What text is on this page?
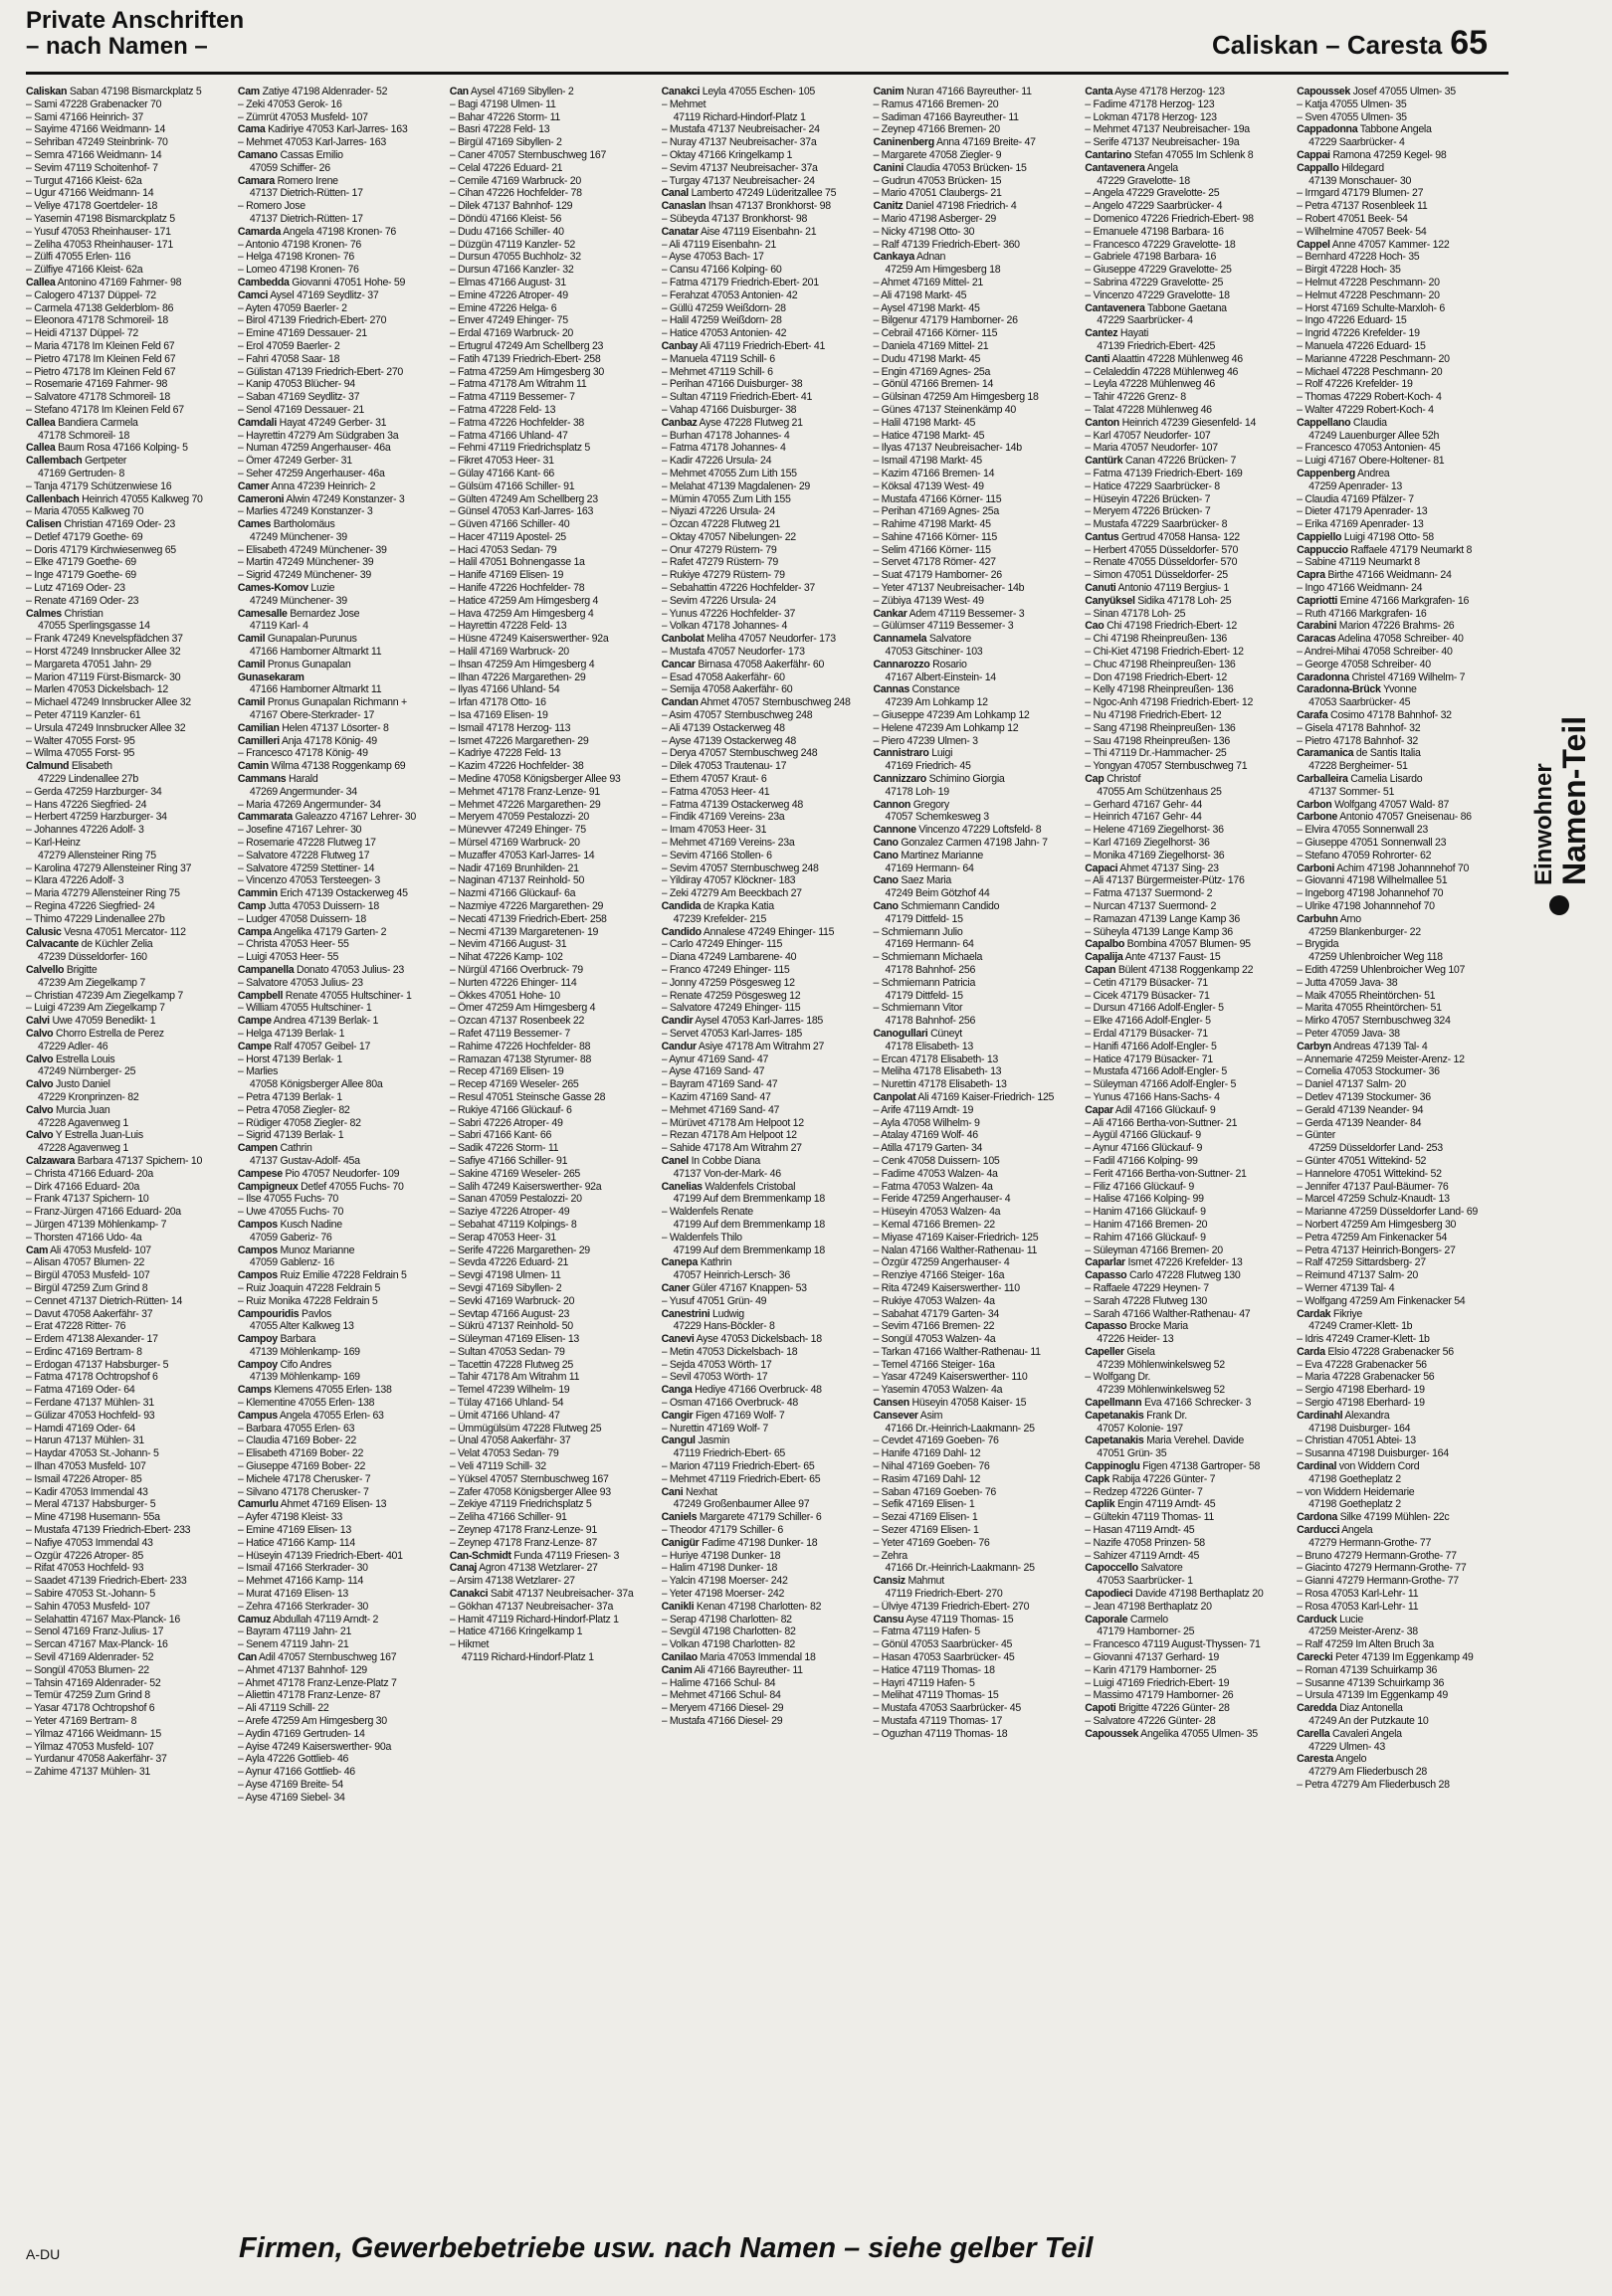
Private Anschriften
– nach Namen –	Caliskan – Caresta 65
Caliskan Saban 47198 Bismarckplatz 5
– Sami 47228 Grabenacker 70
– Sami 47166 Heinrich- 37
– Sayime 47166 Weidmann- 14
– Sehriban 47249 Steinbrink- 70
– Semra 47166 Weidmann- 14
– Sevim 47119 Schoitenhof- 7
– Turgut 47166 Kleist- 62a
– Ugur 47166 Weidmann- 14
– Veliye 47178 Goertdeler- 18
– Yasemin 47198 Bismarckplatz 5
– Yusuf 47053 Rheinhauser- 171
– Zeliha 47053 Rheinhauser- 171
– Zülfi 47055 Erlen- 116
– Zülfiye 47166 Kleist- 62a
Callea Antonino 47169 Fahrner- 98
– Calogero 47137 Düppel- 72
– Carmela 47138 Gelderblom- 86
– Eleonora 47178 Schmoreil- 18
– Heidi 47137 Düppel- 72
– Maria 47178 Im Kleinen Feld 67
– Pietro 47178 Im Kleinen Feld 67
– Pietro 47178 Im Kleinen Feld 67
– Rosemarie 47169 Fahrner- 98
– Salvatore 47178 Schmoreil- 18
– Stefano 47178 Im Kleinen Feld 67
Callea Bandiera Carmela
47178 Schmoreil- 18
Callea Baum Rosa 47166 Kolping- 5
Callembach Gertpeter
47169 Gertruden- 8
– Tanja 47179 Schützenwiese 16
Callenbach Heinrich 47055 Kalkweg 70
– Maria 47055 Kalkweg 70
Calisen Christian 47169 Oder- 23
– Detlef 47179 Goethe- 69
– Doris 47179 Kirchwiesenweg 65
– Elke 47179 Goethe- 69
– Inge 47179 Goethe- 69
– Lutz 47169 Oder- 23
– Renate 47169 Oder- 23
Calmes Christian
47055 Sperlingsgasse 14
– Frank 47249 Knevelspfädchen 37
– Horst 47249 Innsbrucker Allee 32
– Margareta 47051 Jahn- 29
– Marion 47119 Fürst-Bismarck- 30
– Marlen 47053 Dickelsbach- 12
– Michael 47249 Innsbrucker Allee 32
– Peter 47119 Kanzler- 61
– Ursula 47249 Innsbrucker Allee 32
– Walter 47055 Forst- 95
– Wilma 47055 Forst- 95
Calmund Elisabeth
47229 Lindenallee 27b
– Gerda 47259 Harzburger- 34
– Hans 47226 Siegfried- 24
– Herbert 47259 Harzburger- 34
– Johannes 47226 Adolf- 3
– Karl-Heinz
47279 Allensteiner Ring 75
– Karolina 47279 Allensteiner Ring 37
– Klara 47226 Adolf- 3
– Maria 47279 Allensteiner Ring 75
– Regina 47226 Siegfried- 24
– Thimo 47229 Lindenallee 27b
Calusic Vesna 47051 Mercator- 112
Calvacante de Küchler Zelia
47239 Düsseldorfer- 160
Calvello Brigitte
47239 Am Ziegelkamp 7
– Christian 47239 Am Ziegelkamp 7
– Luigi 47239 Am Ziegelkamp 7
Calvi Uwe 47059 Benedikt- 1
Calvo Chorro Estrella de Perez
47229 Adler- 46
Calvo Estrella Louis
47249 Nürnberger- 25
Calvo Justo Daniel
47229 Kronprinzen- 82
Calvo Murcia Juan
47228 Agavenweg 1
Calvo Y Estrella Juan-Luis
47228 Agavenweg 1
Calzawara Barbara 47137 Spichern- 10
– Christa 47166 Eduard- 20a
– Dirk 47166 Eduard- 20a
– Frank 47137 Spichern- 10
– Franz-Jürgen 47166 Eduard- 20a
– Jürgen 47139 Möhlenkamp- 7
– Thorsten 47166 Udo- 4a
Cam Ali 47053 Musfeld- 107
– Alisan 47057 Blumen- 22
– Birgül 47053 Musfeld- 107
– Birgül 47259 Zum Grind 8
– Cennet 47137 Dietrich-Rütten- 14
– Davut 47058 Aakerfähr- 37
– Erat 47228 Ritter- 76
– Erdem 47138 Alexander- 17
– Erdinc 47169 Bertram- 8
– Erdogan 47137 Habsburger- 5
– Fatma 47178 Ochtropshof 6
– Fatma 47169 Oder- 64
– Ferdane 47137 Mühlen- 31
– Gülizar 47053 Hochfeld- 93
– Hamdi 47169 Oder- 64
– Harun 47137 Mühlen- 31
– Haydar 47053 St.-Johann- 5
– Ilhan 47053 Musfeld- 107
– Ismail 47226 Atroper- 85
– Kadir 47053 Immendal 43
– Meral 47137 Habsburger- 5
– Mine 47198 Husemann- 55a
– Mustafa 47139 Friedrich-Ebert- 233
– Nafiye 47053 Immendal 43
– Ozgür 47226 Atroper- 85
– Rifat 47053 Hochfeld- 93
– Saadet 47139 Friedrich-Ebert- 233
– Sabire 47053 St.-Johann- 5
– Sahin 47053 Musfeld- 107
– Selahattin 47167 Max-Planck- 16
– Senol 47169 Franz-Julius- 17
– Sercan 47167 Max-Planck- 16
– Sevil 47169 Aldenrader- 52
– Songül 47053 Blumen- 22
– Tahsin 47169 Aldenrader- 52
– Temür 47259 Zum Grind 8
– Yasar 47178 Ochtropshof 6
– Yeter 47169 Bertram- 8
– Yilmaz 47166 Weidmann- 15
– Yilmaz 47053 Musfeld- 107
– Yurdanur 47058 Aakerfähr- 37
– Zahime 47137 Mühlen- 31
Cam Zatiye 47198 Aldenrader- 52
– Zeki 47053 Gerok- 16
– Zümrüt 47053 Musfeld- 107
Cama Kadiriye 47053 Karl-Jarres- 163
– Mehmet 47053 Karl-Jarres- 163
Camano Cassas Emilio
47059 Schiffer- 26
Camara Romero Irene
47137 Dietrich-Rütten- 17
– Romero Jose
47137 Dietrich-Rütten- 17
Camarda Angela 47198 Kronen- 76
– Antonio 47198 Kronen- 76
– Helga 47198 Kronen- 76
– Lomeo 47198 Kronen- 76
Cambedda Giovanni 47051 Hohe- 59
Camci Aysel 47169 Seydlitz- 37
– Ayten 47059 Baerler- 2
– Birol 47139 Friedrich-Ebert- 270
– Emine 47169 Dessauer- 21
– Erol 47059 Baerler- 2
– Fahri 47058 Saar- 18
– Gülistan 47139 Friedrich-Ebert- 270
– Kanip 47053 Blücher- 94
– Saban 47169 Seydlitz- 37
– Senol 47169 Dessauer- 21
Camdali Hayat 47249 Gerber- 31
– Hayrettin 47279 Am Südgraben 3a
– Numan 47259 Angerhauser- 46a
– Ömer 47249 Gerber- 31
– Seher 47259 Angerhauser- 46a
Camer Anna 47239 Heinrich- 2
Cameroni Alwin 47249 Konstanzer- 3
– Marlies 47249 Konstanzer- 3
Cames Bartholomäus
47249 Münchener- 39
– Elisabeth 47249 Münchener- 39
– Martin 47249 Münchener- 39
– Sigrid 47249 Münchener- 39
Cames-Komov Luzie
47249 Münchener- 39
Camesalle Bernardez Jose
47119 Karl- 4
Camil Gunapalan-Purunus
47166 Hamborner Altmarkt 11
Camil Pronus Gunapalan
Gunasekaram
47166 Hamborner Altmarkt 11
Camil Pronus Gunapalan Richmann +
47167 Obere-Sterkrader- 17
Camilian Helen 47137 Lösorter- 8
Camilleri Anja 47178 König- 49
– Francesco 47178 König- 49
Camin Wilma 47138 Roggenkamp 69
Cammans Harald
47269 Angermunder- 34
– Maria 47269 Angermunder- 34
Cammarata Galeazzo 47167 Lehrer- 30
– Josefine 47167 Lehrer- 30
– Rosemarie 47228 Flutweg 17
– Salvatore 47228 Flutweg 17
– Salvatore 47259 Stettiner- 14
– Vincenzo 47053 Tersteegen- 3
Cammin Erich 47139 Ostackerweg 45
Camp Jutta 47053 Duissern- 18
– Ludger 47058 Duissern- 18
Campa Angelika 47179 Garten- 2
– Christa 47053 Heer- 55
– Luigi 47053 Heer- 55
Campanella Donato 47053 Julius- 23
– Salvatore 47053 Julius- 23
Campbell Renate 47055 Hultschiner- 1
– William 47055 Hultschiner- 1
Campe Andrea 47139 Berlak- 1
– Helga 47139 Berlak- 1
Campe Ralf 47057 Geibel- 17
– Horst 47139 Berlak- 1
– Marlies
47058 Königsberger Allee 80a
– Petra 47139 Berlak- 1
– Petra 47058 Ziegler- 82
– Rüdiger 47058 Ziegler- 82
– Sigrid 47139 Berlak- 1
Campen Cathrin
47137 Gustav-Adolf- 45a
Campese Pio 47057 Neudorfer- 109
Campigneux Detlef 47055 Fuchs- 70
– Ilse 47055 Fuchs- 70
– Uwe 47055 Fuchs- 70
Campos Kusch Nadine
47059 Gaberiz- 76
Campos Munoz Marianne
47059 Gablenz- 16
Campos Ruiz Emilie 47228 Feldrain 5
– Ruiz Joaquin 47228 Feldrain 5
– Ruiz Monika 47228 Feldrain 5
Campouridis Pavlos
47055 Alter Kalkweg 13
Campoy Barbara
47139 Möhlenkamp- 169
Campoy Cifo Andres
47139 Möhlenkamp- 169
Camps Klemens 47055 Erlen- 138
– Klementine 47055 Erlen- 138
Campus Angela 47055 Erlen- 63
– Barbara 47055 Erlen- 63
– Claudia 47169 Bober- 22
– Elisabeth 47169 Bober- 22
– Giuseppe 47169 Bober- 22
– Michele 47178 Cherusker- 7
– Silvano 47178 Cherusker- 7
Camurlu Ahmet 47169 Elisen- 13
– Ayfer 47198 Kleist- 33
– Emine 47169 Elisen- 13
– Hatice 47166 Kamp- 114
– Hüseyin 47139 Friedrich-Ebert- 401
– Ismail 47166 Sterkrader- 30
– Mehmet 47166 Kamp- 114
– Murat 47169 Elisen- 13
– Zehra 47166 Sterkrader- 30
Camuz Abdullah 47119 Arndt- 2
– Bayram 47119 Jahn- 21
– Senem 47119 Jahn- 21
Can Adil 47057 Sternbuschweg 167
– Ahmet 47137 Bahnhof- 129
– Ahmet 47178 Franz-Lenze-Platz 7
– Aliettin 47178 Franz-Lenze- 87
– Ali 47119 Schill- 22
– Arefe 47259 Am Himgesberg 30
– Aydin 47169 Gertruden- 14
– Ayise 47249 Kaiserswerther- 90a
– Ayla 47226 Gottlieb- 46
– Aynur 47166 Gottlieb- 46
– Ayse 47169 Breite- 54
– Ayse 47169 Siebel- 34
Can Aysel 47169 Sibyllen- 2
– Bagi 47198 Ulmen- 11
– Bahar 47226 Storm- 11
– Basri 47228 Feld- 13
– Birgül 47169 Sibyllen- 2
– Caner 47057 Sternbuschweg 167
– Celal 47226 Eduard- 21
– Cemile 47169 Warbruck- 20
– Cihan 47226 Hochfelder- 78
– Dilek 47137 Bahnhof- 129
– Döndü 47166 Kleist- 56
– Dudu 47166 Schiller- 40
– Düzgün 47119 Kanzler- 52
– Dursun 47055 Buchholz- 32
– Dursun 47166 Kanzler- 32
– Elmas 47166 August- 31
– Emine 47226 Atroper- 49
– Emine 47226 Helga- 6
– Enver 47249 Ehinger- 75
– Erdal 47169 Warbruck- 20
– Ertugrul 47249 Am Schellberg 23
– Fatih 47139 Friedrich-Ebert- 258
– Fatma 47259 Am Himgesberg 30
– Fatma 47178 Am Witrahm 11
– Fatma 47119 Bessemer- 7
– Fatma 47228 Feld- 13
– Fatma 47226 Hochfelder- 38
– Fatma 47166 Uhland- 47
– Fehmi 47119 Friedrichsplatz 5
– Fikret 47053 Heer- 31
– Gülay 47166 Kant- 66
– Gülsüm 47166 Schiller- 91
– Gülten 47249 Am Schellberg 23
– Günsel 47053 Karl-Jarres- 163
– Güven 47166 Schiller- 40
– Hacer 47119 Apostel- 25
– Haci 47053 Sedan- 79
– Halil 47051 Bohnengasse 1a
– Hanife 47169 Elisen- 19
– Hanife 47226 Hochfelder- 78
– Hatice 47259 Am Himgesberg 4
– Hava 47259 Am Himgesberg 4
– Hayrettin 47228 Feld- 13
– Hüsne 47249 Kaiserswerther- 92a
– Halil 47169 Warbruck- 20
– Ihsan 47259 Am Himgesberg 4
– Ilhan 47226 Margarethen- 29
– Ilyas 47166 Uhland- 54
– Irfan 47178 Otto- 16
– Isa 47169 Elisen- 19
– Ismail 47178 Herzog- 113
– Ismet 47226 Margarethen- 29
– Kadriye 47228 Feld- 13
– Kazim 47226 Hochfelder- 38
– Medine 47058 Königsberger Allee 93
– Mehmet 47178 Franz-Lenze- 91
– Mehmet 47226 Margarethen- 29
– Meryem 47059 Pestalozzi- 20
– Münevver 47249 Ehinger- 75
– Mürsel 47169 Warbruck- 20
– Muzaffer 47053 Karl-Jarres- 14
– Nadir 47169 Brunhilden- 21
– Naginan 47137 Reinhold- 50
– Nazmi 47166 Glückauf- 6a
– Nazmiye 47226 Margarethen- 29
– Necati 47139 Friedrich-Ebert- 258
– Necmi 47139 Margaretenen- 19
– Nevim 47166 August- 31
– Nihat 47226 Kamp- 102
– Nürgül 47166 Overbruck- 79
– Nurten 47226 Ehinger- 114
– Ökkes 47051 Hohe- 10
– Ömer 47259 Am Himgesberg 4
– Ozcan 47137 Rosenbeek 22
– Rafet 47119 Bessemer- 7
– Rahime 47226 Hochfelder- 88
– Ramazan 47138 Styrumer- 88
– Recep 47169 Elisen- 19
– Recep 47169 Weseler- 265
– Resul 47051 Steinsche Gasse 28
– Rukiye 47166 Glückauf- 6
– Sabri 47226 Atroper- 49
– Sabri 47166 Kant- 66
– Sadik 47226 Storm- 11
– Safiye 47166 Schiller- 91
– Sakine 47169 Weseler- 265
– Salih 47249 Kaiserswerther- 92a
– Sanan 47059 Pestalozzi- 20
– Saziye 47226 Atroper- 49
– Sebahat 47119 Kolpings- 8
– Serap 47053 Heer- 31
– Serife 47226 Margarethen- 29
– Sevda 47226 Eduard- 21
– Sevgi 47198 Ulmen- 11
– Sevgi 47169 Sibyllen- 2
– Sevki 47169 Warbruck- 20
– Sevtap 47166 August- 23
– Sükrü 47137 Reinhold- 50
– Süleyman 47169 Elisen- 13
– Sultan 47053 Sedan- 79
– Tacettin 47228 Flutweg 25
– Tahir 47178 Am Witrahm 11
– Temel 47239 Wilhelm- 19
– Tülay 47166 Uhland- 54
– Ümit 47166 Uhland- 47
– Ümmügülsüm 47228 Flutweg 25
– Ünal 47058 Aakerfähr- 37
– Velat 47053 Sedan- 79
– Veli 47119 Schill- 32
– Yüksel 47057 Sternbuschweg 167
– Zafer 47058 Königsberger Allee 93
– Zekiye 47119 Friedrichsplatz 5
– Zeliha 47166 Schiller- 91
– Zeynep 47178 Franz-Lenze- 91
– Zeynep 47178 Franz-Lenze- 87
Can-Schmidt Funda 47119 Friesen- 3
Canaj Agron 47138 Wetzlarer- 27
– Arsim 47138 Wetzlarer- 27
Canakci Sabit 47137 Neubreisacher- 37a
– Gökhan 47137 Neubreisacher- 37a
– Hamit 47119 Richard-Hindorf-Platz 1
– Hatice 47166 Kringelkamp 1
– Hikmet
47119 Richard-Hindorf-Platz 1
Canakci Leyla 47055 Eschen- 105
– Mehmet
47119 Richard-Hindorf-Platz 1
– Mustafa 47137 Neubreisacher- 24
– Nuray 47137 Neubreisacher- 37a
– Oktay 47166 Kringelkamp 1
– Sevim 47137 Neubreisacher- 37a
– Turgay 47137 Neubreisacher- 24
Canal Lamberto 47249 Lüderitzallee 75
Canaslan Ihsan 47137 Bronkhorst- 98
– Sübeyda 47137 Bronkhorst- 98
Canatar Aise 47119 Eisenbahn- 21
– Ali 47119 Eisenbahn- 21
– Ayse 47053 Bach- 17
– Cansu 47166 Kolping- 60
– Fatma 47179 Friedrich-Ebert- 201
– Ferahzat 47053 Antonien- 42
– Güllü 47259 Weißdorn- 28
– Halil 47259 Weißdorn- 28
– Hatice 47053 Antonien- 42
Canbay Ali 47119 Friedrich-Ebert- 41
– Manuela 47119 Schill- 6
– Mehmet 47119 Schill- 6
– Perihan 47166 Duisburger- 38
– Sultan 47119 Friedrich-Ebert- 41
– Vahap 47166 Duisburger- 38
Canbaz Ayse 47228 Flutweg 21
– Burhan 47178 Johannes- 4
– Fatma 47178 Johannes- 4
– Kadir 47226 Ursula- 24
– Mehmet 47055 Zum Lith 155
– Melahat 47139 Magdalenen- 29
– Mümin 47055 Zum Lith 155
– Niyazi 47226 Ursula- 24
– Özcan 47228 Flutweg 21
– Oktay 47057 Nibelungen- 22
– Onur 47279 Rüstern- 79
– Rafet 47279 Rüstern- 79
– Rukiye 47279 Rüstern- 79
– Sebahattin 47226 Hochfelder- 37
– Sevim 47226 Ursula- 24
– Yunus 47226 Hochfelder- 37
– Volkan 47178 Johannes- 4
Canbolat Meliha 47057 Neudorfer- 173
– Mustafa 47057 Neudorfer- 173
Cancar Birnasa 47058 Aakerfähr- 60
– Esad 47058 Aakerfähr- 60
– Semija 47058 Aakerfähr- 60
Candan Ahmet 47057 Sternbuschweg 248
– Asim 47057 Sternbuschweg 248
– Ali 47139 Ostackerweg 48
– Ayse 47139 Ostackerweg 48
– Derya 47057 Sternbuschweg 248
– Dilek 47053 Trautenau- 17
– Ethem 47057 Kraut- 6
– Fatma 47053 Heer- 41
– Fatma 47139 Ostackerweg 48
– Findik 47169 Vereins- 23a
– Imam 47053 Heer- 31
– Mehmet 47169 Vereins- 23a
– Sevim 47166 Stollen- 6
– Sevim 47057 Sternbuschweg 248
– Yildiray 47057 Klöckner- 183
– Zeki 47279 Am Beeckbach 27
Candida de Krapka Katia
47239 Krefelder- 215
Candido Annalese 47249 Ehinger- 115
– Carlo 47249 Ehinger- 115
– Diana 47249 Lambarene- 40
– Franco 47249 Ehinger- 115
– Jonny 47259 Pösgesweg 12
– Renate 47259 Pösgesweg 12
– Salvatore 47249 Ehinger- 115
Candir Aysel 47053 Karl-Jarres- 185
– Servet 47053 Karl-Jarres- 185
Candur Asiye 47178 Am Witrahm 27
– Aynur 47169 Sand- 47
– Ayse 47169 Sand- 47
– Bayram 47169 Sand- 47
– Kazim 47169 Sand- 47
– Mehmet 47169 Sand- 47
– Mürüvet 47178 Am Helpoot 12
– Rezan 47178 Am Helpoot 12
– Sahide 47178 Am Witrahm 27
Canel In Cobbe Diana
47137 Von-der-Mark- 46
Canelias Waldenfels Cristobal
47199 Auf dem Bremmenkamp 18
– Waldenfels Renate
47199 Auf dem Bremmenkamp 18
– Waldenfels Thilo
47199 Auf dem Bremmenkamp 18
Canepa Kathrin
47057 Heinrich-Lersch- 36
Caner Güler 47167 Knappen- 53
– Yusuf 47051 Grün- 49
Canestrini Ludwig
47229 Hans-Böckler- 8
Canevi Ayse 47053 Dickelsbach- 18
– Metin 47053 Dickelsbach- 18
– Sejda 47053 Wörth- 17
– Sevil 47053 Wörth- 17
Canga Hediye 47166 Overbruck- 48
– Osman 47166 Overbruck- 48
Cangir Figen 47169 Wolf- 7
– Nurettin 47169 Wolf- 7
Cangul Jasmin
47119 Friedrich-Ebert- 65
– Marion 47119 Friedrich-Ebert- 65
– Mehmet 47119 Friedrich-Ebert- 65
Cani Nexhat
47249 Großenbaumer Allee 97
Caniels Margarete 47179 Schiller- 6
– Theodor 47179 Schiller- 6
Canigür Fadime 47198 Dunker- 18
– Huriye 47198 Dunker- 18
– Halim 47198 Dunker- 18
– Yalcin 47198 Moerser- 242
– Yeter 47198 Moerser- 242
Canikli Kenan 47198 Charlotten- 82
– Serap 47198 Charlotten- 82
– Sevgül 47198 Charlotten- 82
– Volkan 47198 Charlotten- 82
Canilao Maria 47053 Immendal 18
Canim Ali 47166 Bayreuther- 11
– Halime 47166 Schul- 84
– Mehmet 47166 Schul- 84
– Meryem 47166 Diesel- 29
– Mustafa 47166 Diesel- 29
Canim Nuran 47166 Bayreuther- 11
– Ramus 47166 Bremen- 20
– Sadiman 47166 Bayreuther- 11
– Zeynep 47166 Bremen- 20
Caninenberg Anna 47169 Breite- 47
– Margarete 47058 Ziegler- 9
Canini Claudia 47053 Brücken- 15
– Gudrun 47053 Brücken- 15
– Mario 47051 Claubergs- 21
Canitz Daniel 47198 Friedrich- 4
– Mario 47198 Asberger- 29
– Nicky 47198 Otto- 30
– Ralf 47139 Friedrich-Ebert- 360
Cankaya Adnan
47259 Am Himgesberg 18
– Ahmet 47169 Mittel- 21
– Ali 47198 Markt- 45
– Aysel 47198 Markt- 45
– Bilgenur 47179 Hamborner- 26
– Cebrail 47166 Körner- 115
– Daniela 47169 Mittel- 21
– Dudu 47198 Markt- 45
– Engin 47169 Agnes- 25a
– Gönül 47166 Bremen- 14
– Gülsinan 47259 Am Himgesberg 18
– Günes 47137 Steinenkämp 40
– Halil 47198 Markt- 45
– Hatice 47198 Markt- 45
– Ilyas 47137 Neubreisacher- 14b
– Ismail 47198 Markt- 45
– Kazim 47166 Bremen- 14
– Köksal 47139 West- 49
– Mustafa 47166 Körner- 115
– Perihan 47169 Agnes- 25a
– Rahime 47198 Markt- 45
– Sahine 47166 Körner- 115
– Selim 47166 Körner- 115
– Servet 47178 Römer- 427
– Suat 47179 Hamborner- 26
– Yeter 47137 Neubreisacher- 14b
– Zübiya 47139 West- 49
Cankar Adem 47119 Bessemer- 3
– Gülümser 47119 Bessemer- 3
Cannamela Salvatore
47053 Gitschiner- 103
Cannarozzo Rosario
47167 Albert-Einstein- 14
Cannas Constance
47239 Am Lohkamp 12
– Giuseppe 47239 Am Lohkamp 12
– Helene 47239 Am Lohkamp 12
– Piero 47239 Ulmen- 3
Cannistraro Luigi
47169 Friedrich- 45
Cannizzaro Schimino Giorgia
47178 Loh- 19
Cannon Gregory
47057 Schemkesweg 3
Cannone Vincenzo 47229 Loftsfeld- 8
Cano Gonzalez Carmen 47198 Jahn- 7
Cano Martinez Marianne
47169 Hermann- 64
Cano Saez Maria
47249 Beim Götzhof 44
Cano Schmiemann Candido
47179 Dittfeld- 15
– Schmiemann Julio
47169 Hermann- 64
– Schmiemann Michaela
47178 Bahnhof- 256
– Schmiemann Patricia
47179 Dittfeld- 15
– Schmiemann Vitor
47178 Bahnhof- 256
Canogullari Cüneyt
47178 Elisabeth- 13
– Ercan 47178 Elisabeth- 13
– Meliha 47178 Elisabeth- 13
– Nurettin 47178 Elisabeth- 13
Canpolat Ali 47169 Kaiser-Friedrich- 125
– Arife 47119 Arndt- 19
– Ayla 47058 Wilhelm- 9
– Atalay 47169 Wolf- 46
– Atilla 47179 Garten- 34
– Cenk 47058 Duissern- 105
– Fadime 47053 Walzen- 4a
– Fatma 47053 Walzen- 4a
– Feride 47259 Angerhauser- 4
– Hüseyin 47053 Walzen- 4a
– Kemal 47166 Bremen- 22
– Miyase 47169 Kaiser-Friedrich- 125
– Nalan 47166 Walther-Rathenau- 11
– Özgür 47259 Angerhauser- 4
– Renziye 47166 Steiger- 16a
– Rita 47249 Kaiserswerther- 110
– Rukiye 47053 Walzen- 4a
– Sabahat 47179 Garten- 34
– Sevim 47166 Bremen- 22
– Songül 47053 Walzen- 4a
– Tarkan 47166 Walther-Rathenau- 11
– Temel 47166 Steiger- 16a
– Yasar 47249 Kaiserswerther- 110
– Yasemin 47053 Walzen- 4a
Cansen Hüseyin 47058 Kaiser- 15
Cansever Asim
47166 Dr.-Heinrich-Laakmann- 25
– Cevdet 47169 Goeben- 76
– Hanife 47169 Dahl- 12
– Nihal 47169 Goeben- 76
– Rasim 47169 Dahl- 12
– Saban 47169 Goeben- 76
– Sefik 47169 Elisen- 1
– Sezai 47169 Elisen- 1
– Sezer 47169 Elisen- 1
– Yeter 47169 Goeben- 76
– Zehra
47166 Dr.-Heinrich-Laakmann- 25
Cansiz Mahmut
47119 Friedrich-Ebert- 270
– Ülviye 47139 Friedrich-Ebert- 270
Cansu Ayse 47119 Thomas- 15
– Fatma 47119 Hafen- 5
– Gönül 47053 Saarbrücker- 45
– Hasan 47053 Saarbrücker- 45
– Hatice 47119 Thomas- 18
– Hayri 47119 Hafen- 5
– Melihat 47119 Thomas- 15
– Mustafa 47053 Saarbrücker- 45
– Mustafa 47119 Thomas- 17
– Oguzhan 47119 Thomas- 18
Canta Ayse 47178 Herzog- 123
– Fadime 47178 Herzog- 123
– Lokman 47178 Herzog- 123
– Mehmet 47137 Neubreisacher- 19a
– Serife 47137 Neubreisacher- 19a
Cantarino Stefan 47055 Im Schlenk 8
Cantavenera Angela
47229 Gravelotte- 18
– Angela 47229 Gravelotte- 25
– Angelo 47229 Saarbrücker- 4
– Domenico 47226 Friedrich-Ebert- 98
– Emanuele 47198 Barbara- 16
– Francesco 47229 Gravelotte- 18
– Gabriele 47198 Barbara- 16
– Giuseppe 47229 Gravelotte- 25
– Sabrina 47229 Gravelotte- 25
– Vincenzo 47229 Gravelotte- 18
Cantavenera Tabbone Gaetana
47229 Saarbrücker- 4
Cantez Hayati
47139 Friedrich-Ebert- 425
Canti Alaattin 47228 Mühlenweg 46
– Celaleddin 47228 Mühlenweg 46
– Leyla 47228 Mühlenweg 46
– Tahir 47226 Grenz- 8
– Talat 47228 Mühlenweg 46
Canton Heinrich 47239 Giesenfeld- 14
– Karl 47057 Neudorfer- 107
– Maria 47057 Neudorfer- 107
Cantürk Canan 47226 Brücken- 7
– Fatma 47139 Friedrich-Ebert- 169
– Hatice 47229 Saarbrücker- 8
– Hüseyin 47226 Brücken- 7
– Meryem 47226 Brücken- 7
– Mustafa 47229 Saarbrücker- 8
Cantus Gertrud 47058 Hansa- 122
– Herbert 47055 Düsseldorfer- 570
– Renate 47055 Düsseldorfer- 570
– Simon 47051 Düsseldorfer- 25
Canuti Antonio 47119 Bergius- 1
Canyüksel Sidika 47178 Loh- 25
– Sinan 47178 Loh- 25
Cao Chi 47198 Friedrich-Ebert- 12
– Chi 47198 Rheinpreußen- 136
– Chi-Kiet 47198 Friedrich-Ebert- 12
– Chuc 47198 Rheinpreußen- 136
– Don 47198 Friedrich-Ebert- 12
– Kelly 47198 Rheinpreußen- 136
– Ngoc-Anh 47198 Friedrich-Ebert- 12
– Nu 47198 Friedrich-Ebert- 12
– Sang 47198 Rheinpreußen- 136
– Sau 47198 Rheinpreußen- 136
– Thi 47119 Dr.-Hammacher- 25
– Yongyan 47057 Sternbuschweg 71
Cap Christof
47055 Am Schützenhaus 25
– Gerhard 47167 Gehr- 44
– Heinrich 47167 Gehr- 44
– Helene 47169 Ziegelhorst- 36
– Karl 47169 Ziegelhorst- 36
– Monika 47169 Ziegelhorst- 36
Capaci Ahmet 47137 Sing- 23
– Ali 47137 Bürgermeister-Pütz- 176
– Fatma 47137 Suermond- 2
– Nurcan 47137 Suermond- 2
– Ramazan 47139 Lange Kamp 36
– Süheyla 47139 Lange Kamp 36
Capalbo Bombina 47057 Blumen- 95
Capalija Ante 47137 Faust- 15
Capan Bülent 47138 Roggenkamp 22
– Cetin 47179 Büsacker- 71
– Cicek 47179 Büsacker- 71
– Dursun 47166 Adolf-Engler- 5
– Elke 47166 Adolf-Engler- 5
– Erdal 47179 Büsacker- 71
– Hanifi 47166 Adolf-Engler- 5
– Hatice 47179 Büsacker- 71
– Mustafa 47166 Adolf-Engler- 5
– Süleyman 47166 Adolf-Engler- 5
– Yunus 47166 Hans-Sachs- 4
Capar Adil 47166 Glückauf- 9
– Ali 47166 Bertha-von-Suttner- 21
– Aygül 47166 Glückauf- 9
– Aynur 47166 Glückauf- 9
– Fadil 47166 Kolping- 99
– Ferit 47166 Bertha-von-Suttner- 21
– Filiz 47166 Glückauf- 9
– Halise 47166 Kolping- 99
– Hanim 47166 Glückauf- 9
– Hanim 47166 Bremen- 20
– Rahim 47166 Glückauf- 9
– Süleyman 47166 Bremen- 20
Caparlar Ismet 47226 Krefelder- 13
Capasso Carlo 47228 Flutweg 130
– Raffaele 47229 Heynen- 7
– Sarah 47228 Flutweg 130
– Sarah 47166 Walther-Rathenau- 47
Capasso Brocke Maria
47226 Heider- 13
Capeller Gisela
47239 Möhlenwinkelsweg 52
– Wolfgang Dr.
47239 Möhlenwinkelsweg 52
Capellmann Eva 47166 Schrecker- 3
Capetanakis Frank Dr.
47057 Kolonie- 197
Capetanakis Maria Verehel. Davide
47051 Grün- 35
Cappinoglu Figen 47138 Gartroper- 58
Capk Rabija 47226 Günter- 7
– Redzep 47226 Günter- 7
Caplik Engin 47119 Arndt- 45
– Gültekin 47119 Thomas- 11
– Hasan 47119 Arndt- 45
– Nazife 47058 Prinzen- 58
– Sahizer 47119 Arndt- 45
Capoccello Salvatore
47053 Saarbrücker- 1
Capodieci Davide 47198 Berthaplatz 20
– Jean 47198 Berthaplatz 20
Caporale Carmelo
47179 Hamborner- 25
– Francesco 47119 August-Thyssen- 71
– Giovanni 47137 Gerhard- 19
– Karin 47179 Hamborner- 25
– Luigi 47169 Friedrich-Ebert- 19
– Massimo 47179 Hamborner- 26
Capoti Brigitte 47226 Günter- 28
– Salvatore 47226 Günter- 28
Capoussek Angelika 47055 Ulmen- 35
Capoussek Josef 47055 Ulmen- 35
– Katja 47055 Ulmen- 35
– Sven 47055 Ulmen- 35
Cappadonna Tabbone Angela
47229 Saarbrücker- 4
Cappai Ramona 47259 Kegel- 98
Cappallo Hildegard
47139 Monschauer- 30
– Irmgard 47179 Blumen- 27
– Petra 47137 Rosenbleek 11
– Robert 47051 Beek- 54
– Wilhelmine 47057 Beek- 54
Cappel Anne 47057 Kammer- 122
– Bernhard 47228 Hoch- 35
– Birgit 47228 Hoch- 35
– Helmut 47228 Peschmann- 20
– Helmut 47228 Peschmann- 20
– Horst 47169 Schulte-Marxloh- 6
– Ingo 47226 Eduard- 15
– Ingrid 47226 Krefelder- 19
– Manuela 47226 Eduard- 15
– Marianne 47228 Peschmann- 20
– Michael 47228 Peschmann- 20
– Rolf 47226 Krefelder- 19
– Thomas 47229 Robert-Koch- 4
– Walter 47229 Robert-Koch- 4
Cappellano Claudia
47249 Lauenburger Allee 52h
– Francesco 47053 Antonien- 45
– Luigi 47167 Obere-Holtener- 81
Cappenberg Andrea
47259 Apenrader- 13
– Claudia 47169 Pfälzer- 7
– Dieter 47179 Apenrader- 13
– Erika 47169 Apenrader- 13
Cappiello Luigi 47198 Otto- 58
Cappuccio Raffaele 47179 Neumarkt 8
– Sabine 47119 Neumarkt 8
Capra Birthe 47166 Weidmann- 24
– Ingo 47166 Weidmann- 24
Capriotti Emine 47166 Markgrafen- 16
– Ruth 47166 Markgrafen- 16
Carabini Marion 47226 Brahms- 26
Caracas Adelina 47058 Schreiber- 40
– Andrei-Mihai 47058 Schreiber- 40
– George 47058 Schreiber- 40
Caradonna Christel 47169 Wilhelm- 7
Caradonna-Brück Yvonne
47053 Saarbrücker- 45
Carafa Cosimo 47178 Bahnhof- 32
– Gisela 47178 Bahnhof- 32
– Pietro 47178 Bahnhof- 32
Caramanica de Santis Italia
47228 Bergheimer- 51
Carballeira Camelia Lisardo
47137 Sommer- 51
Carbon Wolfgang 47057 Wald- 87
Carbone Antonio 47057 Gneisenau- 86
– Elvira 47055 Sonnenwall 23
– Giuseppe 47051 Sonnenwall 23
– Stefano 47059 Rohrorter- 62
Carboni Achim 47198 Johannnehof 70
– Giovanni 47198 Wilhelmallee 51
– Ingeborg 47198 Johannehof 70
– Ulrike 47198 Johannnehof 70
Carbuhn Arno
47259 Blankenburger- 22
– Brygida
47259 Uhlenbroicher Weg 118
– Edith 47259 Uhlenbroicher Weg 107
– Jutta 47059 Java- 38
– Maik 47055 Rheintörchen- 51
– Marita 47055 Rheintörchen- 51
– Mirko 47057 Sternbuschweg 324
– Peter 47059 Java- 38
Carbyn Andreas 47139 Tal- 4
– Annemarie 47259 Meister-Arenz- 12
– Cornelia 47053 Stockumer- 36
– Daniel 47137 Salm- 20
– Detlev 47139 Stockumer- 36
– Gerald 47139 Neander- 94
– Gerda 47139 Neander- 84
– Günter
47259 Düsseldorfer Land- 253
– Günter 47051 Wittekind- 52
– Hannelore 47051 Wittekind- 52
– Jennifer 47137 Paul-Bäumer- 76
– Marcel 47259 Schulz-Knaudt- 13
– Marianne 47259 Düsseldorfer Land- 69
– Norbert 47259 Am Himgesberg 30
– Petra 47259 Am Finkenacker 54
– Petra 47137 Heinrich-Bongers- 27
– Ralf 47259 Sittardsberg- 27
– Reimund 47137 Salm- 20
– Werner 47139 Tal- 4
– Wolfgang 47259 Am Finkenacker 54
Cardak Fikriye
47249 Cramer-Klett- 1b
– Idris 47249 Cramer-Klett- 1b
Carda Elsio 47228 Grabenacker 56
– Eva 47228 Grabenacker 56
– Maria 47228 Grabenacker 56
– Sergio 47198 Eberhard- 19
– Sergio 47198 Eberhard- 19
Cardinahl Alexandra
47198 Duisburger- 164
– Christian 47051 Abtei- 13
– Susanna 47198 Duisburger- 164
Cardinal von Widdern Cord
47198 Goetheplatz 2
– von Widdern Heidemarie
47198 Goetheplatz 2
Cardona Silke 47199 Mühlen- 22c
Carducci Angela
47279 Hermann-Grothe- 77
– Bruno 47279 Hermann-Grothe- 77
– Giacinto 47279 Hermann-Grothe- 77
– Gianni 47279 Hermann-Grothe- 77
– Rosa 47053 Karl-Lehr- 11
– Rosa 47053 Karl-Lehr- 11
Carduck Lucie
47259 Meister-Arenz- 38
– Ralf 47259 Im Alten Bruch 3a
Carecki Peter 47139 Im Eggenkamp 49
– Roman 47139 Schuirkamp 36
– Susanne 47139 Schuirkamp 36
– Ursula 47139 Im Eggenkamp 49
Caredda Diaz Antonella
47249 An der Putzkaute 10
Carella Cavaleri Angela
47229 Ulmen- 43
Caresta Angelo
47279 Am Fliederbusch 28
– Petra 47279 Am Fliederbusch 28
Einwohner Namen-Teil
A-DU	Firmen, Gewerbebetriebe usw. nach Namen – siehe gelber Teil
